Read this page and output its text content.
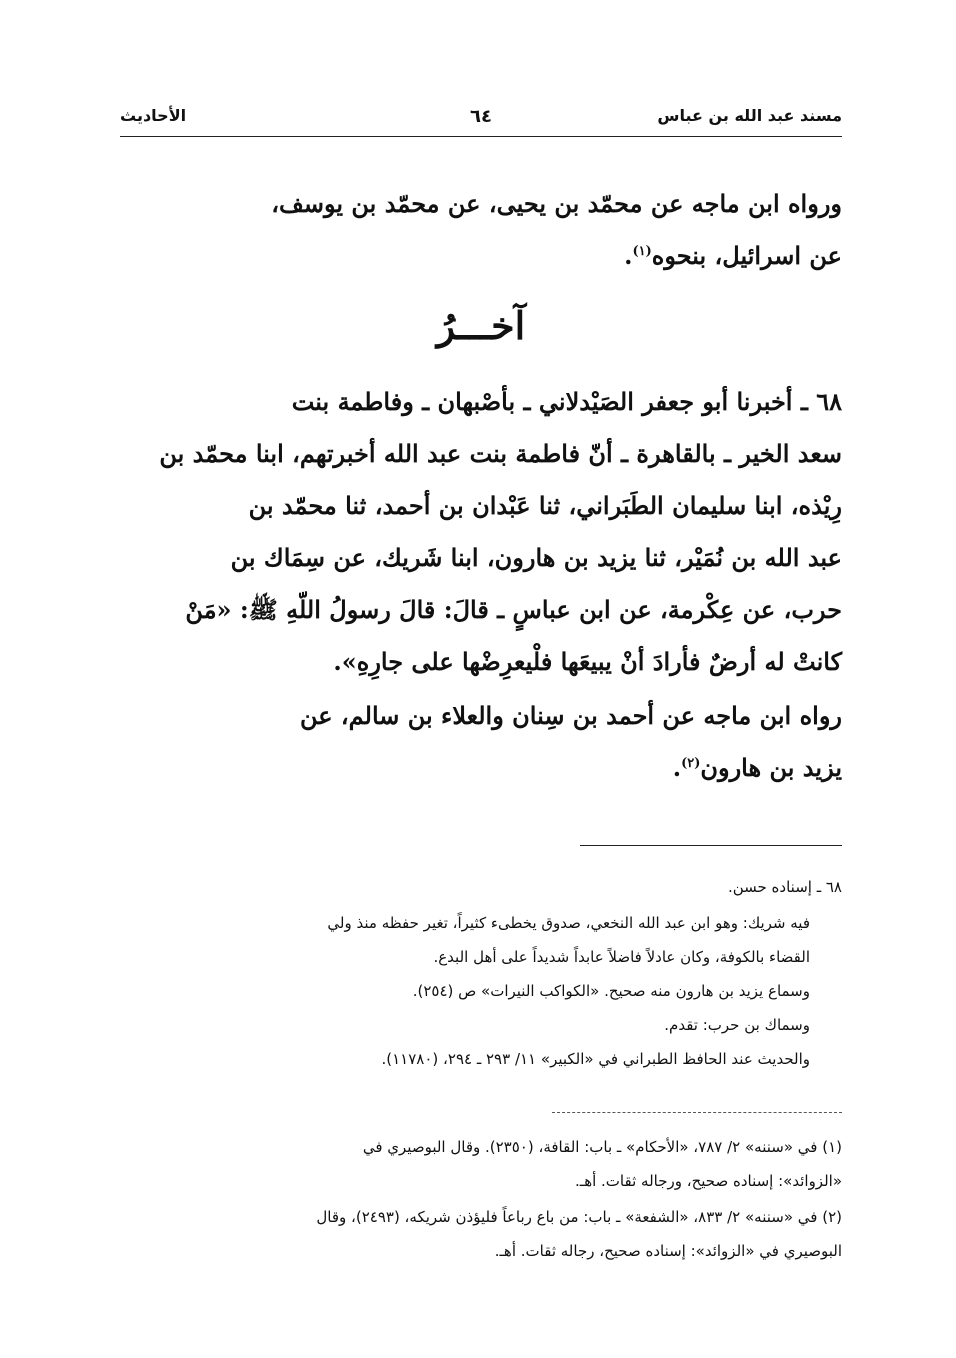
مسند عبد الله بن عباس
٦٤
الأحاديث

ورواه ابن ماجه عن محمّد بن يحيى، عن محمّد بن يوسف،
عن اسرائيل، بنحوه$^{(١)}$.

آخـــرُ

٦٨ ـ أخبرنا أبو جعفر الصَيْدلاني ـ بأصْبهان ـ وفاطمة بنت
سعد الخير ـ بالقاهرة ـ أنّ فاطمة بنت عبد الله أخبرتهم، ابنا محمّد بن
رِيْذه، ابنا سليمان الطَبَراني، ثنا عَبْدان بن أحمد، ثنا محمّد بن
عبد الله بن نُمَيْر، ثنا يزيد بن هارون، ابنا شَريك، عن سِمَاك بن
حرب، عن عِكْرمة، عن ابن عباسٍ ـ قالَ: قالَ رسولُ اللّهِ ﷺ: «مَنْ
كانتْ له أرضٌ فأرادَ أنْ يبيعَها فلْيعرِضْها على جارِهِ».

رواه ابن ماجه عن أحمد بن سِنان والعلاء بن سالم، عن
يزيد بن هارون$^{(٢)}$.

٦٨ ـ إسناده حسن.

فيه شريك: وهو ابن عبد الله النخعي، صدوق يخطىء كثيراً، تغير حفظه منذ ولي
القضاء بالكوفة، وكان عادلاً فاضلاً عابداً شديداً على أهل البدع.
وسماع يزيد بن هارون منه صحيح. «الكواكب النيرات» ص (٢٥٤).
وسماك بن حرب: تقدم.
والحديث عند الحافظ الطبراني في «الكبير» ١١/ ٢٩٣ ـ ٢٩٤، (١١٧٨٠).

(١) في «سننه» ٢/ ٧٨٧، «الأحكام» ـ باب: القافة، (٢٣٥٠). وقال البوصيري في
«الزوائد»: إسناده صحيح، ورجاله ثقات. أهـ.

(٢) في «سننه» ٢/ ٨٣٣، «الشفعة» ـ باب: من باع رباعاً فليؤذن شريكه، (٢٤٩٣)، وقال
البوصيري في «الزوائد»: إسناده صحيح، رجاله ثقات. أهـ.
